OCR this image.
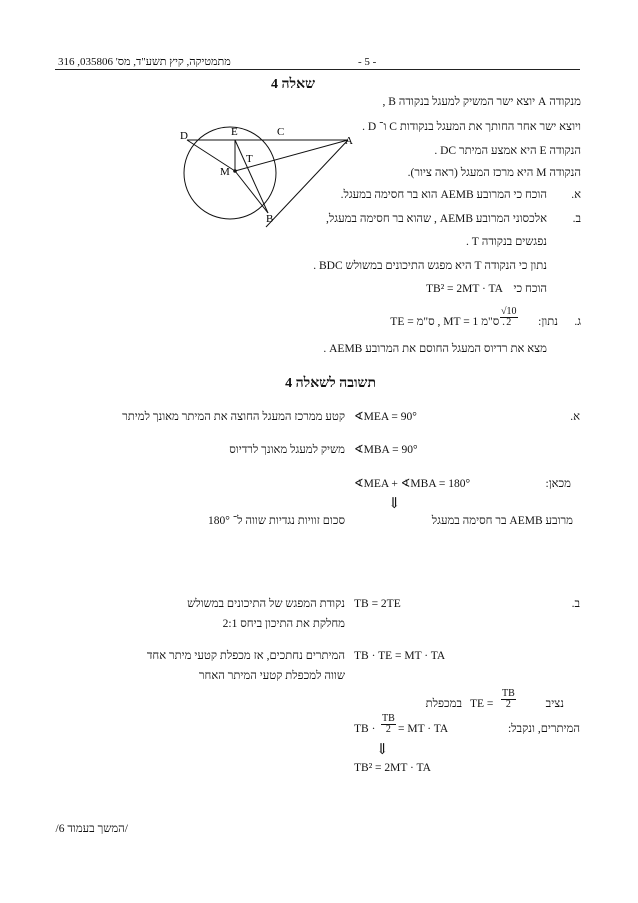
316 ,035806 'מתמטיקה, קיץ תשע"ד, מס	- 5 -
שאלה 4
מנקודה A יוצא ישר המשיק למעגל בנקודה B ,
ויוצא ישר אחר החותך את המעגל בנקודות C ו־ D .
הנקודה E היא אמצע המיתר DC .
הנקודה M היא מרכז המעגל (ראה ציור).
א.
הוכח כי המרובע AEMB הוא בר חסימה במעגל.
ב.
אלכסוני המרובע AEMB , שהוא בר חסימה במעגל,
נפגשים בנקודה T .
נתון כי הנקודה T היא מפגש התיכונים במשולש BDC .
הוכח כי
TB² = 2MT · TA
ג.
נתון:
TE = ס"מ , MT = 1 ס"מ .
$\frac{√10}{2}$
מצא את רדיוס המעגל החוסם את המרובע AEMB .
D	E	C
A
T
M
B
תשובה לשאלה 4
א.
∢MEA = 90°
קטע ממרכז המעגל החוצה את המיתר מאונך למיתר
∢MBA = 90°
משיק למעגל מאונך לרדיוס
מכאן:
∢MEA + ∢MBA = 180°
⇓
מרובע AEMB בר חסימה במעגל
סכום זוויות נגדיות שווה ל־ 180°
ב.
TB = 2TE
נקודת המפגש של התיכונים במשולש
מחלקת את התיכון ביחס 2:1
TB · TE = MT · TA
המיתרים נחתכים, אז מכפלת קטעי מיתר אחד
שווה למכפלת קטעי המיתר האחר
נציב
$\frac{TB}{2}$
TE =
במכפלת
המיתרים, ונקבל:
TB · $\frac{TB}{2}$ = MT · TA
⇓
TB² = 2MT · TA
/המשך בעמוד 6/
